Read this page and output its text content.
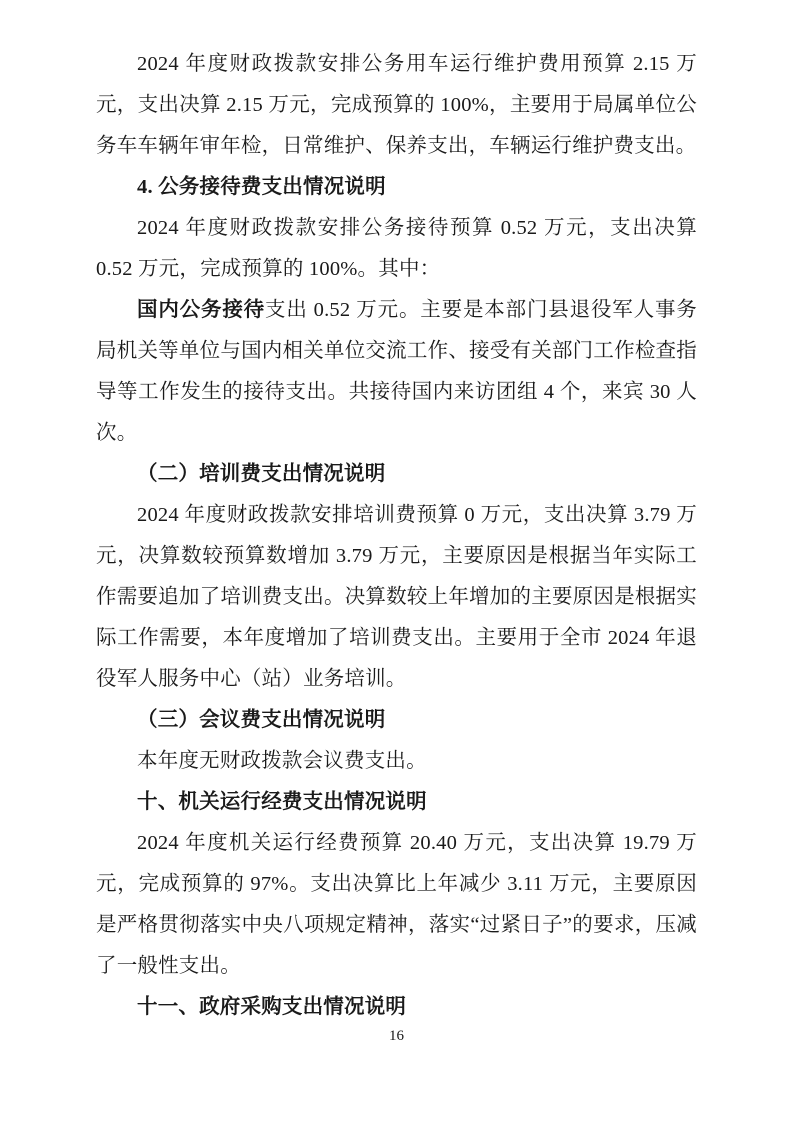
2024 年度财政拨款安排公务用车运行维护费用预算 2.15 万元，支出决算 2.15 万元，完成预算的 100%，主要用于局属单位公务车车辆年审年检，日常维护、保养支出，车辆运行维护费支出。

4. 公务接待费支出情况说明

2024 年度财政拨款安排公务接待预算 0.52 万元，支出决算 0.52 万元，完成预算的 100%。其中：

国内公务接待支出 0.52 万元。主要是本部门县退役军人事务局机关等单位与国内相关单位交流工作、接受有关部门工作检查指导等工作发生的接待支出。共接待国内来访团组 4 个，来宾 30 人次。

（二）培训费支出情况说明

2024 年度财政拨款安排培训费预算 0 万元，支出决算 3.79 万元，决算数较预算数增加 3.79 万元，主要原因是根据当年实际工作需要追加了培训费支出。决算数较上年增加的主要原因是根据实际工作需要，本年度增加了培训费支出。主要用于全市 2024 年退役军人服务中心（站）业务培训。

（三）会议费支出情况说明

本年度无财政拨款会议费支出。

十、机关运行经费支出情况说明

2024 年度机关运行经费预算 20.40 万元，支出决算 19.79 万元，完成预算的 97%。支出决算比上年减少 3.11 万元，主要原因是严格贯彻落实中央八项规定精神，落实“过紧日子”的要求，压减了一般性支出。

十一、政府采购支出情况说明

16
